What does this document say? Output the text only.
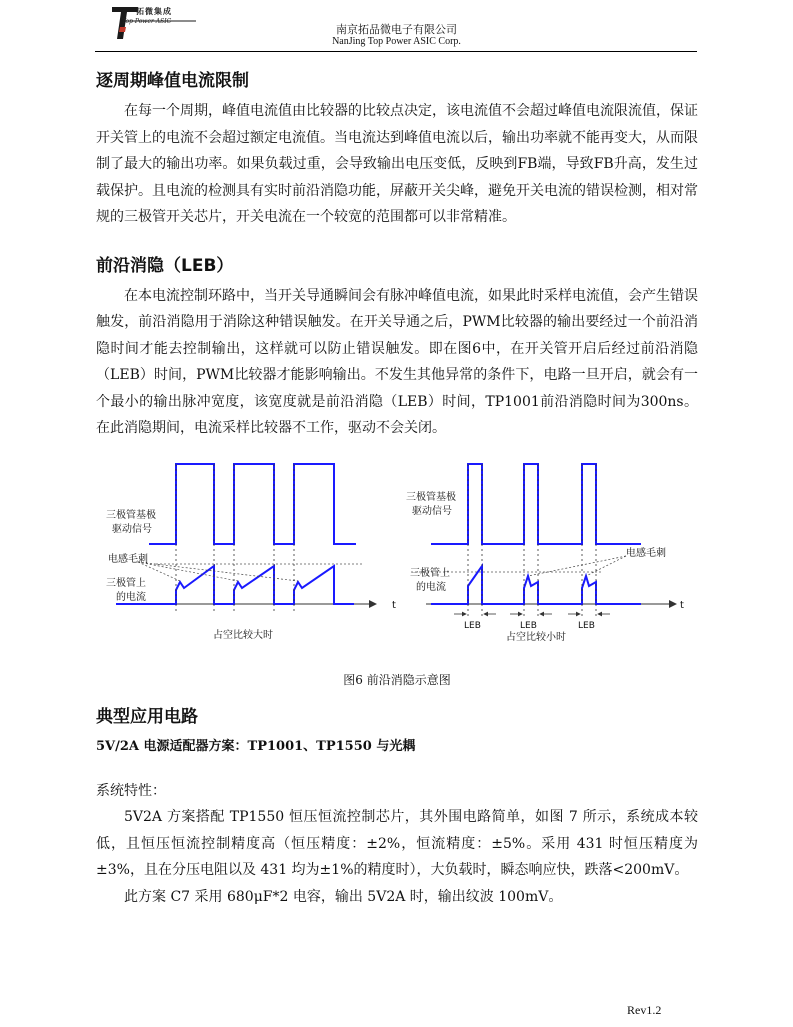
拓微集成
Top Power ASIC
南京拓品微电子有限公司
NanJing Top Power ASIC Corp.
逐周期峰值电流限制

在每一个周期，峰值电流值由比较器的比较点决定，该电流值不会超过峰值电流限流值，保证开关管上的电流不会超过额定电流值。当电流达到峰值电流以后，输出功率就不能再变大，从而限制了最大的输出功率。如果负载过重，会导致输出电压变低，反映到FB端，导致FB升高，发生过载保护。且电流的检测具有实时前沿消隐功能，屏蔽开关尖峰，避免开关电流的错误检测，相对常规的三极管开关芯片，开关电流在一个较宽的范围都可以非常精准。

前沿消隐（LEB）

在本电流控制环路中，当开关导通瞬间会有脉冲峰值电流，如果此时采样电流值，会产生错误触发，前沿消隐用于消除这种错误触发。在开关导通之后，PWM比较器的输出要经过一个前沿消隐时间才能去控制输出，这样就可以防止错误触发。即在图6中，在开关管开启后经过前沿消隐（LEB）时间，PWM比较器才能影响输出。不发生其他异常的条件下，电路一旦开启，就会有一个最小的输出脉冲宽度，该宽度就是前沿消隐（LEB）时间，TP1001前沿消隐时间为300ns。在此消隐期间，电流采样比较器不工作，驱动不会关闭。

三极管基极
驱动信号
电感毛刺
三极管上
的电流
t
占空比较大时
三极管基极
驱动信号
电感毛刺
三极管上
的电流
t
LEB	LEB	LEB
占空比较小时
图6 前沿消隐示意图
典型应用电路
5V/2A 电源适配器方案：TP1001、TP1550 与光耦

系统特性：

5V2A 方案搭配 TP1550 恒压恒流控制芯片，其外围电路简单，如图 7 所示，系统成本较低，且恒压恒流控制精度高（恒压精度：±2%，恒流精度：±5%。采用 431 时恒压精度为±3%，且在分压电阻以及 431 均为±1%的精度时），大负载时，瞬态响应快，跌落<200mV。

此方案 C7 采用 680μF*2 电容，输出 5V2A 时，输出纹波 100mV。

Rev1.2
